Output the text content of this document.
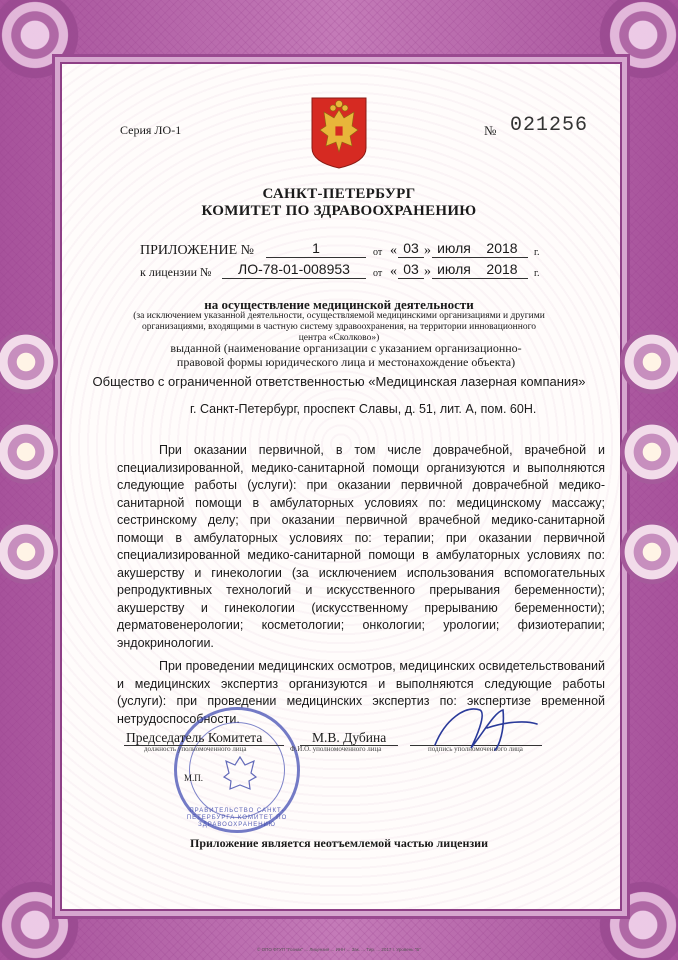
Серия ЛО-1	№ 021256
САНКТ-ПЕТЕРБУРГ
КОМИТЕТ ПО ЗДРАВООХРАНЕНИЮ
ПРИЛОЖЕНИЕ №	1	от « 03 » июля	2018	г.
к лицензии №	ЛО-78-01-008953	от « 03 » июля	2018	г.
на осуществление медицинской деятельности
(за исключением указанной деятельности, осуществляемой медицинскими организациями и другими организациями, входящими в частную систему здравоохранения, на территории инновационного центра «Сколково»)
выданной (наименование организации с указанием организационно-правовой формы юридического лица и местонахождение объекта)
Общество с ограниченной ответственностью «Медицинская лазерная компания»
г. Санкт-Петербург, проспект Славы, д. 51, лит. А, пом. 60Н.

При оказании первичной, в том числе доврачебной, врачебной и специализированной, медико-санитарной помощи организуются и выполняются следующие работы (услуги): при оказании первичной доврачебной медико-санитарной помощи в амбулаторных условиях по: медицинскому массажу; сестринскому делу; при оказании первичной врачебной медико-санитарной помощи в амбулаторных условиях по: терапии; при оказании первичной специализированной медико-санитарной помощи в амбулаторных условиях по: акушерству и гинекологии (за исключением использования вспомогательных репродуктивных технологий и искусственного прерывания беременности); акушерству и гинекологии (искусственному прерыванию беременности); дерматовенерологии; косметологии; онкологии; урологии; физиотерапии; эндокринологии.

При проведении медицинских осмотров, медицинских освидетельствований и медицинских экспертиз организуются и выполняются следующие работы (услуги): при проведении медицинских экспертиз по: экспертизе временной нетрудоспособности.

ПРАВИТЕЛЬСТВО САНКТ-ПЕТЕРБУРГА КОМИТЕТ ПО ЗДРАВООХРАНЕНИЮ
Председатель Комитета	М.В. Дубина
должность уполномоченного лица	Ф.И.О. уполномоченного лица	подпись уполномоченного лица
М.П.
Приложение является неотъемлемой частью лицензии
© ОПО ФГУП "Гознак" ... Лицензия ... ИНН ... Зак. ... Тир. ... 2017 г. Уровень "Б"
